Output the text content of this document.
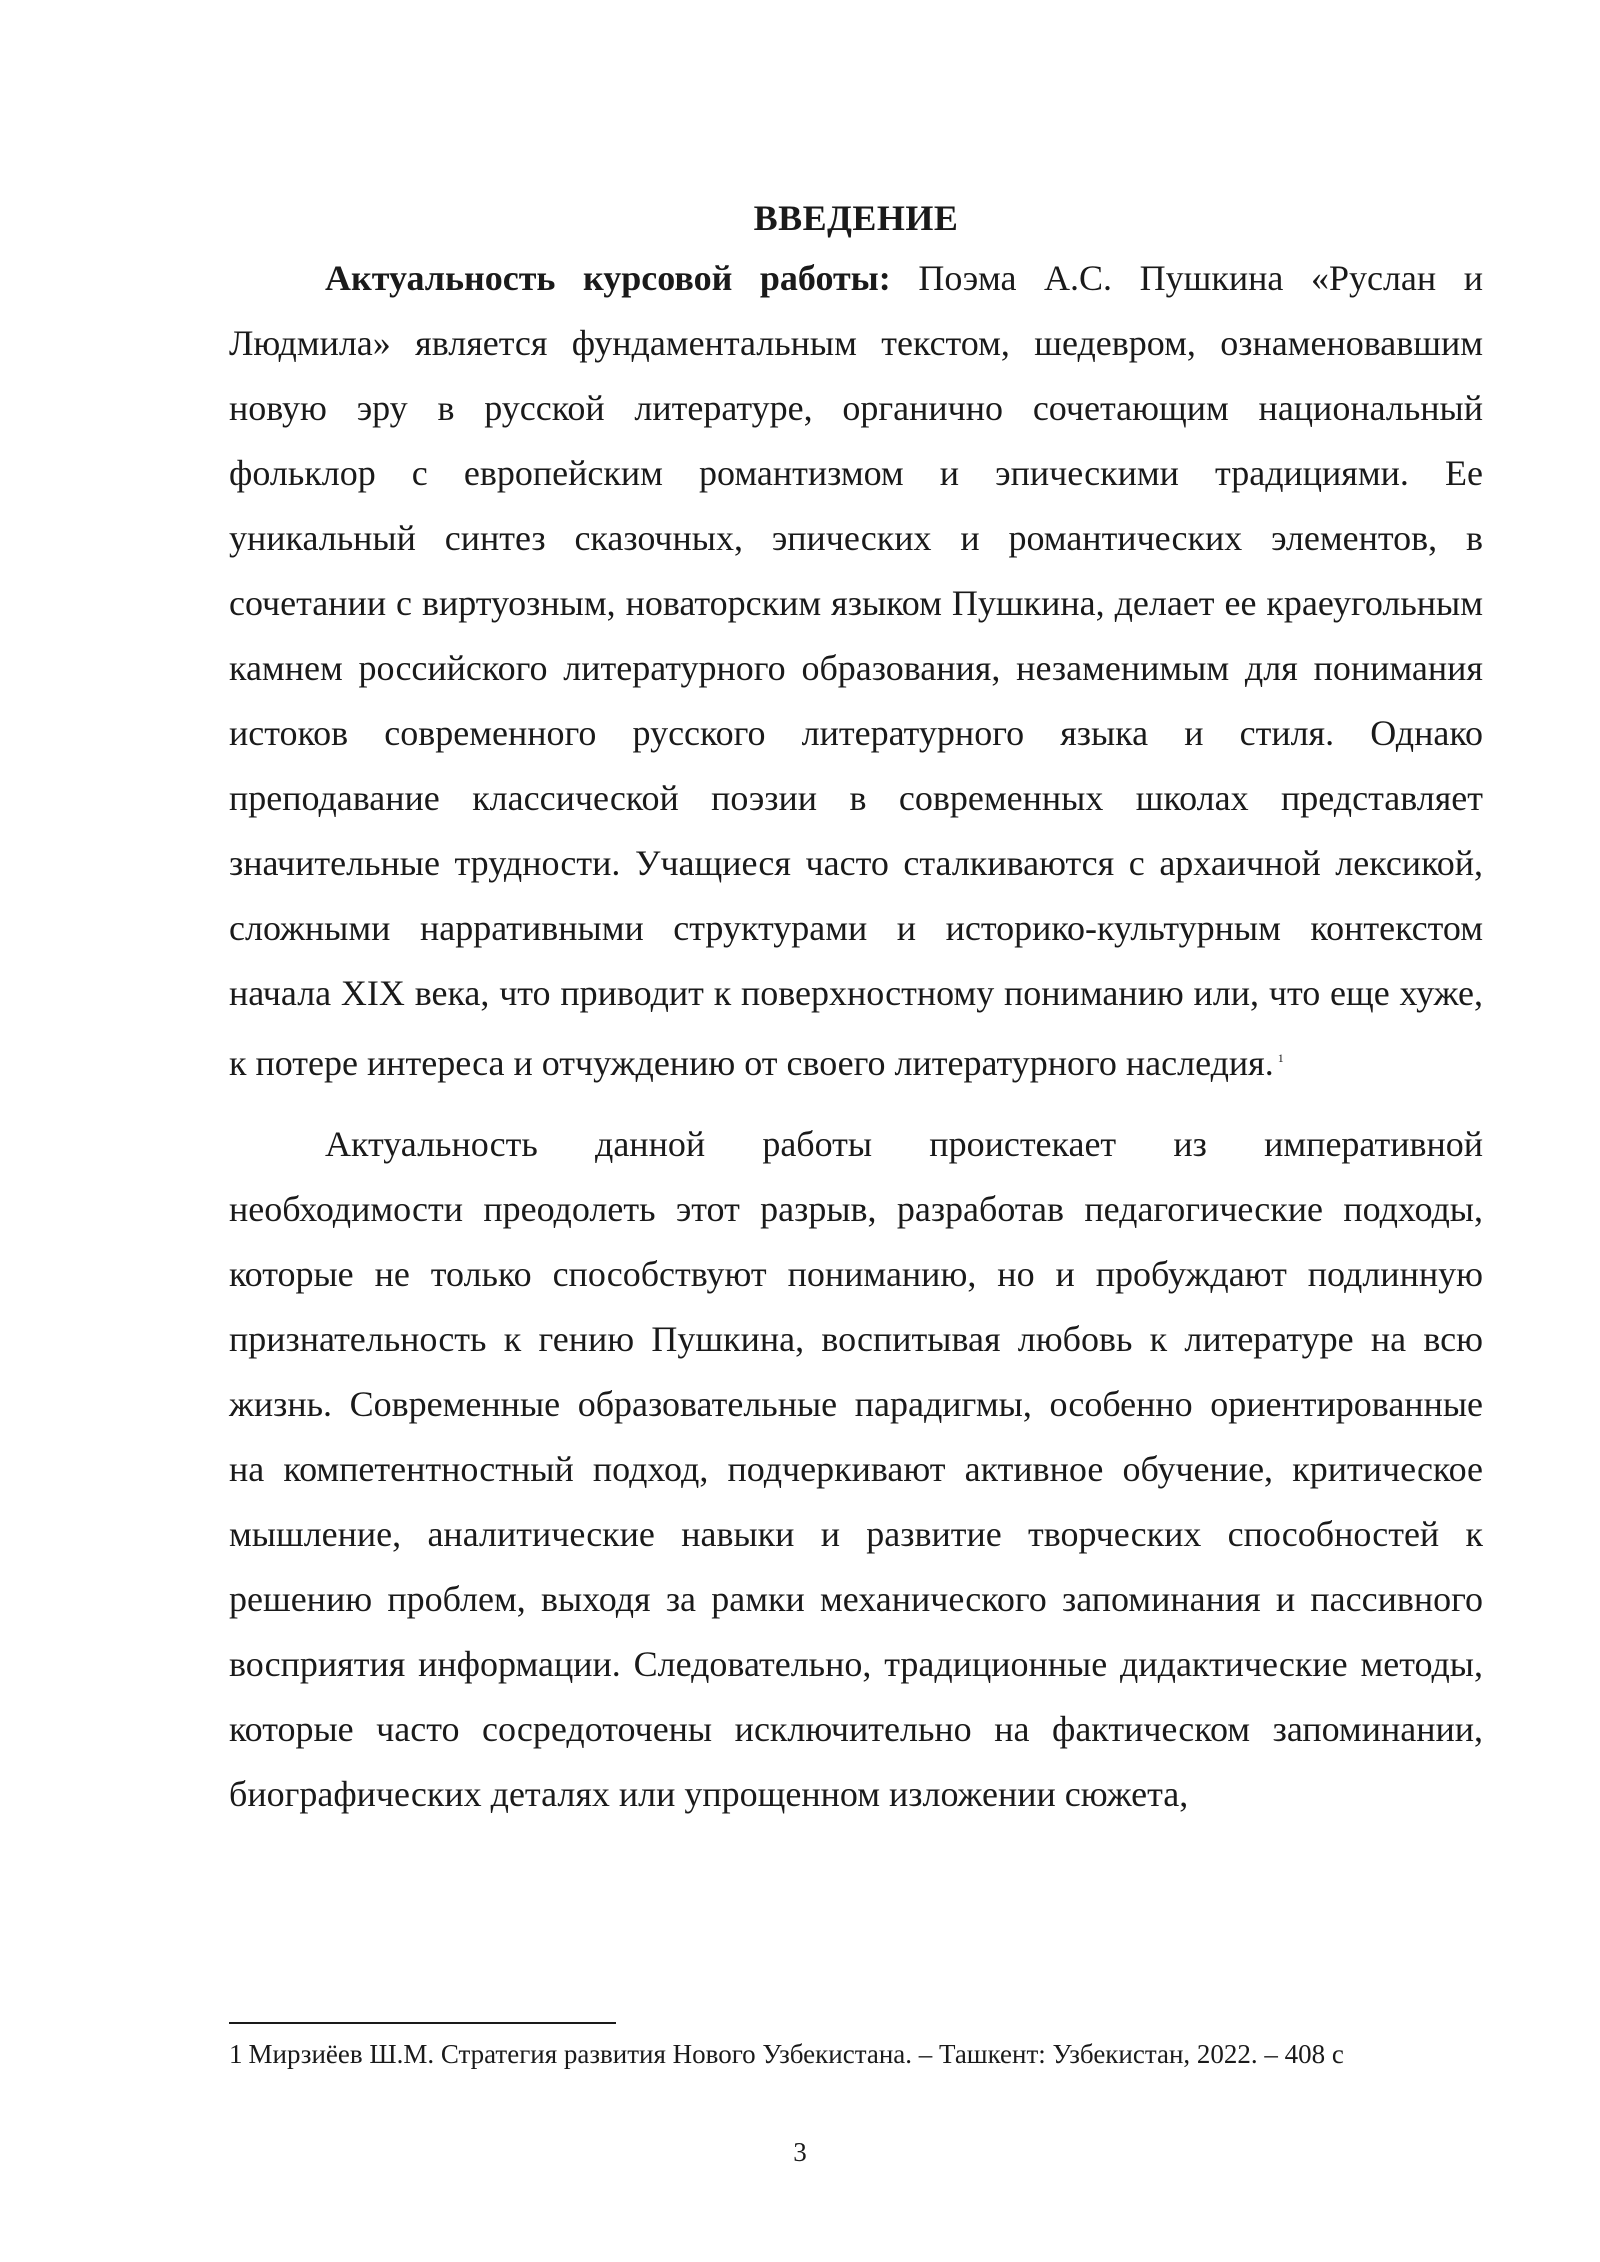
ВВЕДЕНИЕ

Актуальность курсовой работы: Поэма А.С. Пушкина «Руслан и Людмила» является фундаментальным текстом, шедевром, ознаменовавшим новую эру в русской литературе, органично сочетающим национальный фольклор с европейским романтизмом и эпическими традициями. Ее уникальный синтез сказочных, эпических и романтических элементов, в сочетании с виртуозным, новаторским языком Пушкина, делает ее краеугольным камнем российского литературного образования, незаменимым для понимания истоков современного русского литературного языка и стиля. Однако преподавание классической поэзии в современных школах представляет значительные трудности. Учащиеся часто сталкиваются с архаичной лексикой, сложными нарративными структурами и историко-культурным контекстом начала XIX века, что приводит к поверхностному пониманию или, что еще хуже, к потере интереса и отчуждению от своего литературного наследия. $^1$

Актуальность данной работы проистекает из императивной необходимости преодолеть этот разрыв, разработав педагогические подходы, которые не только способствуют пониманию, но и пробуждают подлинную признательность к гению Пушкина, воспитывая любовь к литературе на всю жизнь. Современные образовательные парадигмы, особенно ориентированные на компетентностный подход, подчеркивают активное обучение, критическое мышление, аналитические навыки и развитие творческих способностей к решению проблем, выходя за рамки механического запоминания и пассивного восприятия информации. Следовательно, традиционные дидактические методы, которые часто сосредоточены исключительно на фактическом запоминании, биографических деталях или упрощенном изложении сюжета,

1 Мирзиёев Ш.М. Стратегия развития Нового Узбекистана. – Ташкент: Узбекистан, 2022. – 408 с

3
